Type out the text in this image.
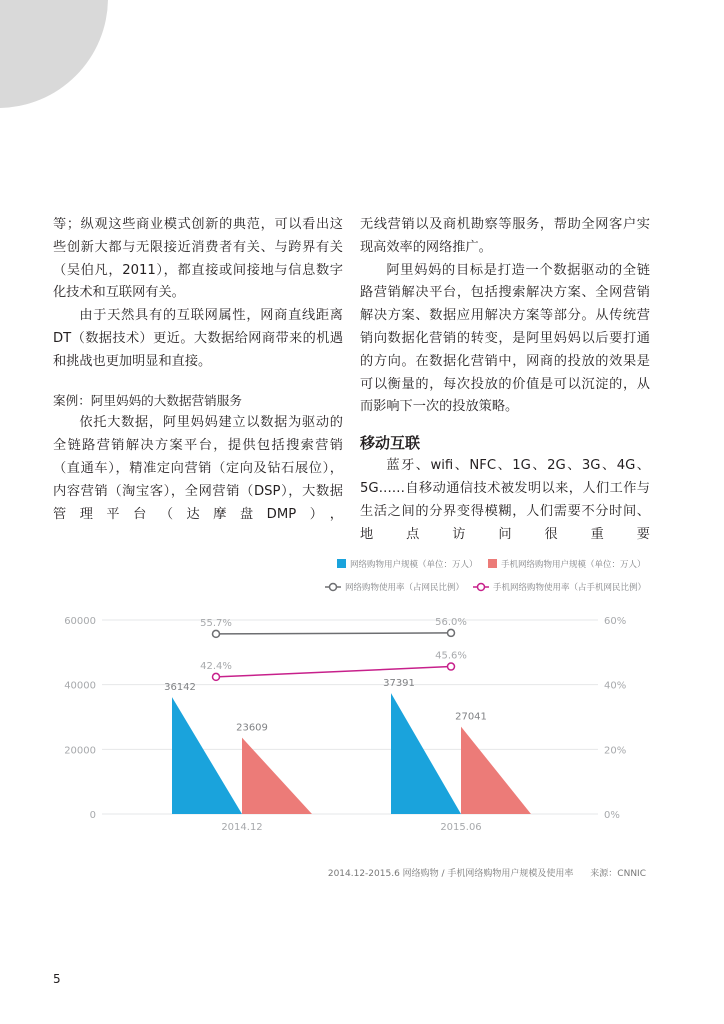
等；纵观这些商业模式创新的典范，可以看出这些创新大都与无限接近消费者有关、与跨界有关（吴伯凡，2011），都直接或间接地与信息数字化技术和互联网有关。

由于天然具有的互联网属性，网商直线距离DT（数据技术）更近。大数据给网商带来的机遇和挑战也更加明显和直接。

案例：阿里妈妈的大数据营销服务

依托大数据，阿里妈妈建立以数据为驱动的全链路营销解决方案平台，提供包括搜索营销（直通车），精准定向营销（定向及钻石展位），内容营销（淘宝客），全网营销（DSP），大数据管理平台（达摩盘DMP），

无线营销以及商机勘察等服务，帮助全网客户实现高效率的网络推广。

阿里妈妈的目标是打造一个数据驱动的全链路营销解决平台，包括搜索解决方案、全网营销解决方案、数据应用解决方案等部分。从传统营销向数据化营销的转变，是阿里妈妈以后要打通的方向。在数据化营销中，网商的投放的效果是可以衡量的，每次投放的价值是可以沉淀的，从而影响下一次的投放策略。

移动互联

蓝牙、wifi、NFC、1G、2G、3G、4G、5G……自移动通信技术被发明以来，人们工作与生活之间的分界变得模糊，人们需要不分时间、地点访问很重要

0
20000
40000
60000
0%
20%
40%
60%
36142
23609
2014.12
37391
27041
2015.06
55.7%	56.0%
42.4%
45.6%
网络购物用户规模（单位：万人）	手机网络购物用户规模（单位：万人）
网络购物使用率（占网民比例）	手机网络购物使用率（占手机网民比例）
2014.12-2015.6 网络购物 / 手机网络购物用户规模及使用率 来源：CNNIC
5
